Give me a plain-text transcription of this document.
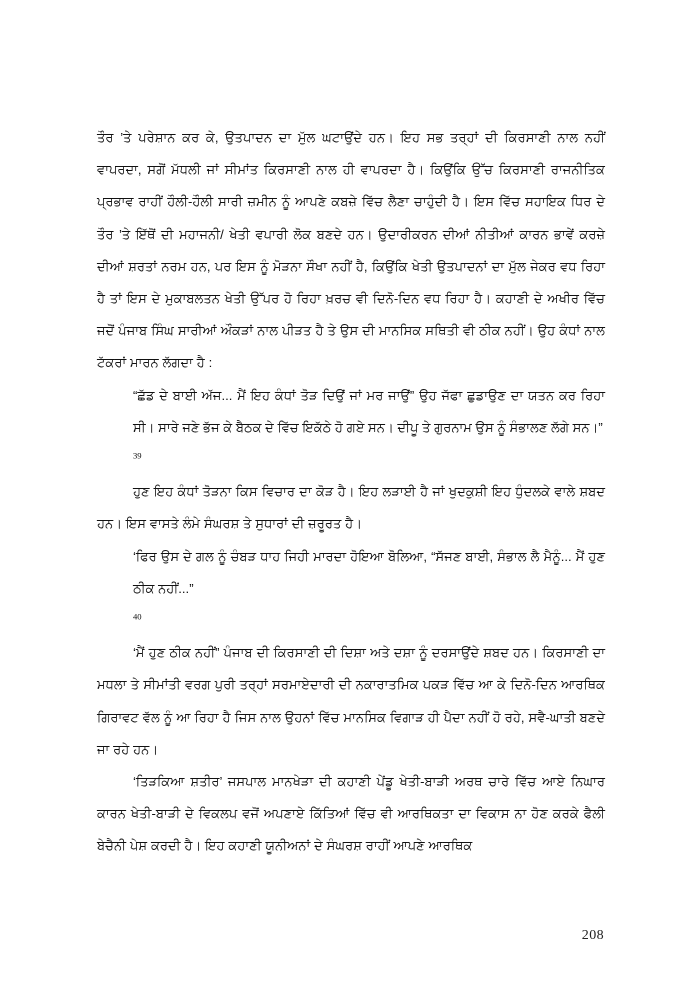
ਤੌਰ ’ਤੇ ਪਰੇਸ਼ਾਨ ਕਰ ਕੇ, ਉਤਪਾਦਨ ਦਾ ਮੁੱਲ ਘਟਾਉਂਦੇ ਹਨ। ਇਹ ਸਭ ਤਰ੍ਹਾਂ ਦੀ ਕਿਰਸਾਣੀ ਨਾਲ ਨਹੀਂ ਵਾਪਰਦਾ, ਸਗੋਂ ਮੱਧਲੀ ਜਾਂ ਸੀਮਾਂਤ ਕਿਰਸਾਣੀ ਨਾਲ ਹੀ ਵਾਪਰਦਾ ਹੈ। ਕਿਉਂਕਿ ਉੱਚ ਕਿਰਸਾਣੀ ਰਾਜਨੀਤਿਕ ਪ੍ਰਭਾਵ ਰਾਹੀਂ ਹੌਲੀ-ਹੌਲੀ ਸਾਰੀ ਜ਼ਮੀਨ ਨੂੰ ਆਪਣੇ ਕਬਜ਼ੇ ਵਿੱਚ ਲੈਣਾ ਚਾਹੁੰਦੀ ਹੈ। ਇਸ ਵਿੱਚ ਸਹਾਇਕ ਧਿਰ ਦੇ ਤੌਰ ’ਤੇ ਇੱਥੋਂ ਦੀ ਮਹਾਜਨੀ/ ਖੇਤੀ ਵਪਾਰੀ ਲੋਕ ਬਣਦੇ ਹਨ। ਉਦਾਰੀਕਰਨ ਦੀਆਂ ਨੀਤੀਆਂ ਕਾਰਨ ਭਾਵੇਂ ਕਰਜ਼ੇ ਦੀਆਂ ਸ਼ਰਤਾਂ ਨਰਮ ਹਨ, ਪਰ ਇਸ ਨੂੰ ਮੋੜਨਾ ਸੌਖਾ ਨਹੀਂ ਹੈ, ਕਿਉਂਕਿ ਖੇਤੀ ਉਤਪਾਦਨਾਂ ਦਾ ਮੁੱਲ ਜੇਕਰ ਵਧ ਰਿਹਾ ਹੈ ਤਾਂ ਇਸ ਦੇ ਮੁਕਾਬਲਤਨ ਖੇਤੀ ਉੱਪਰ ਹੋ ਰਿਹਾ ਖ਼ਰਚ ਵੀ ਦਿਨੋ-ਦਿਨ ਵਧ ਰਿਹਾ ਹੈ। ਕਹਾਣੀ ਦੇ ਅਖੀਰ ਵਿੱਚ ਜਦੋਂ ਪੰਜਾਬ ਸਿੰਘ ਸਾਰੀਆਂ ਔਕੜਾਂ ਨਾਲ ਪੀੜਤ ਹੈ ਤੇ ਉਸ ਦੀ ਮਾਨਸਿਕ ਸਥਿਤੀ ਵੀ ਠੀਕ ਨਹੀਂ। ਉਹ ਕੰਧਾਂ ਨਾਲ ਟੱਕਰਾਂ ਮਾਰਨ ਲੱਗਦਾ ਹੈ :

“ਛੱਡ ਦੇ ਬਾਈ ਅੱਜ... ਮੈਂ ਇਹ ਕੰਧਾਂ ਤੋੜ ਦਿਉਂ ਜਾਂ ਮਰ ਜਾਉਂ” ਉਹ ਜੱਫਾ ਛੁਡਾਉਣ ਦਾ ਯਤਨ ਕਰ ਰਿਹਾ ਸੀ। ਸਾਰੇ ਜਣੇ ਭੱਜ ਕੇ ਬੈਠਕ ਦੇ ਵਿੱਚ ਇਕੱਠੇ ਹੋ ਗਏ ਸਨ। ਦੀਪੂ ਤੇ ਗੁਰਨਾਮ ਉਸ ਨੂੰ ਸੰਭਾਲਣ ਲੱਗੇ ਸਨ।”
$^{39}$

ਹੁਣ ਇਹ ਕੰਧਾਂ ਤੋੜਨਾ ਕਿਸ ਵਿਚਾਰ ਦਾ ਕੋੜ ਹੈ। ਇਹ ਲੜਾਈ ਹੈ ਜਾਂ ਖੁਦਕੁਸ਼ੀ ਇਹ ਧੁੰਦਲਕੇ ਵਾਲੇ ਸ਼ਬਦ ਹਨ। ਇਸ ਵਾਸਤੇ ਲੰਮੇ ਸੰਘਰਸ਼ ਤੇ ਸੁਧਾਰਾਂ ਦੀ ਜ਼ਰੂਰਤ ਹੈ।

‘ਫਿਰ ਉਸ ਦੇ ਗਲ ਨੂੰ ਚੰਬੜ ਧਾਹ ਜਿਹੀ ਮਾਰਦਾ ਹੋਇਆ ਬੋਲਿਆ, “ਸੱਜਣ ਬਾਈ, ਸੰਭਾਲ ਲੈ ਮੈਨੂੰ... ਮੈਂ ਹੁਣ ਠੀਕ ਨਹੀਂ...”
$^{40}$

‘ਮੈਂ ਹੁਣ ਠੀਕ ਨਹੀਂ” ਪੰਜਾਬ ਦੀ ਕਿਰਸਾਣੀ ਦੀ ਦਿਸ਼ਾ ਅਤੇ ਦਸ਼ਾ ਨੂੰ ਦਰਸਾਉਂਦੇ ਸ਼ਬਦ ਹਨ। ਕਿਰਸਾਣੀ ਦਾ ਮਧਲਾ ਤੇ ਸੀਮਾਂਤੀ ਵਰਗ ਪੁਰੀ ਤਰ੍ਹਾਂ ਸਰਮਾਏਦਾਰੀ ਦੀ ਨਕਾਰਾਤਮਿਕ ਪਕੜ ਵਿੱਚ ਆ ਕੇ ਦਿਨੋ-ਦਿਨ ਆਰਥਿਕ ਗਿਰਾਵਟ ਵੱਲ ਨੂੰ ਆ ਰਿਹਾ ਹੈ ਜਿਸ ਨਾਲ ਉਹਨਾਂ ਵਿੱਚ ਮਾਨਸਿਕ ਵਿਗਾੜ ਹੀ ਪੈਦਾ ਨਹੀਂ ਹੋ ਰਹੇ, ਸਵੈ-ਘਾਤੀ ਬਣਦੇ ਜਾ ਰਹੇ ਹਨ।

‘ਤਿੜਕਿਆ ਸ਼ਤੀਰ’ ਜਸਪਾਲ ਮਾਨਖੇੜਾ ਦੀ ਕਹਾਣੀ ਪੇਂਡੂ ਖੇਤੀ-ਬਾੜੀ ਅਰਥ ਚਾਰੇ ਵਿੱਚ ਆਏ ਨਿਘਾਰ ਕਾਰਨ ਖੇਤੀ-ਬਾੜੀ ਦੇ ਵਿਕਲਪ ਵਜੋਂ ਅਪਣਾਏ ਕਿੱਤਿਆਂ ਵਿੱਚ ਵੀ ਆਰਥਿਕਤਾ ਦਾ ਵਿਕਾਸ ਨਾ ਹੋਣ ਕਰਕੇ ਫੈਲੀ ਬੇਚੈਨੀ ਪੇਸ਼ ਕਰਦੀ ਹੈ। ਇਹ ਕਹਾਣੀ ਯੂਨੀਅਨਾਂ ਦੇ ਸੰਘਰਸ਼ ਰਾਹੀਂ ਆਪਣੇ ਆਰਥਿਕ

208
